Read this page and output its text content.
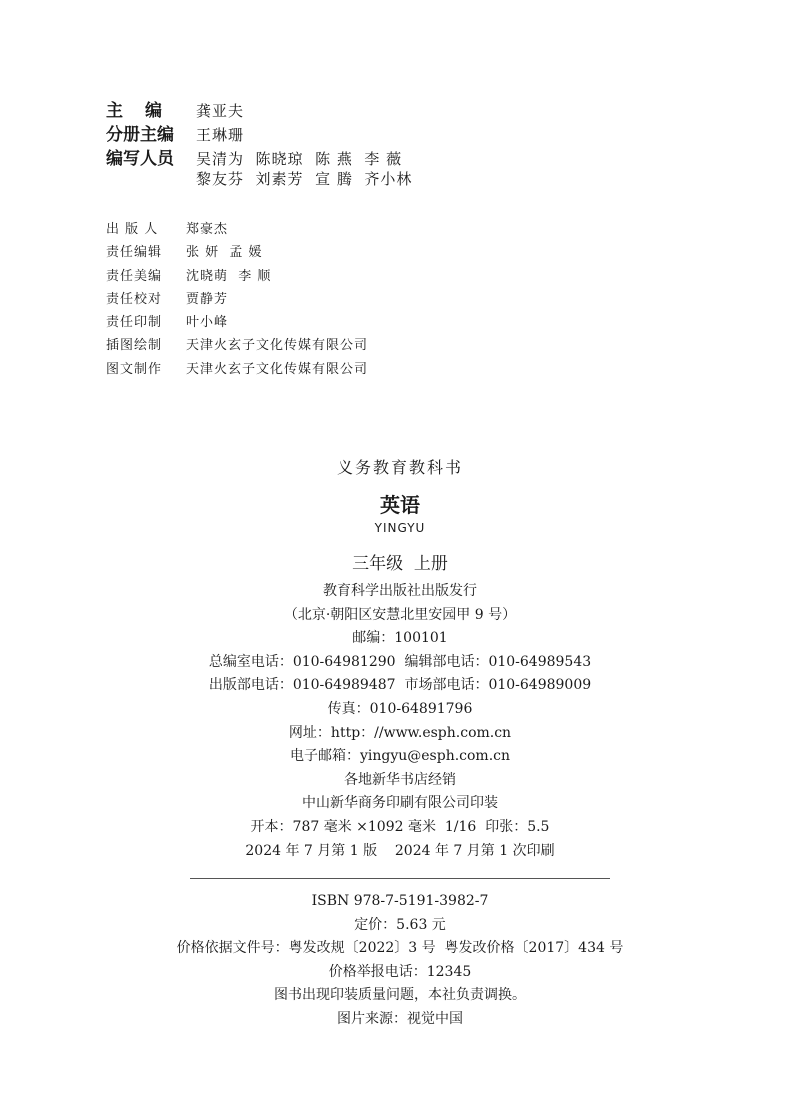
主编 龚亚夫
分册主编	王琳珊
编写人员	吴清为  陈晓琼  陈 燕  李 薇
黎友芬  刘素芳  宣 腾  齐小林
出 版 人	郑豪杰
责任编辑	张 妍  孟 媛
责任美编	沈晓萌  李 顺
责任校对	贾静芳
责任印制	叶小峰
插图绘制	天津火玄子文化传媒有限公司
图文制作	天津火玄子文化传媒有限公司
义务教育教科书
英语
YINGYU
三年级  上册
教育科学出版社出版发行
（北京·朝阳区安慧北里安园甲 9 号）
邮编：100101
总编室电话：010-64981290  编辑部电话：010-64989543
出版部电话：010-64989487  市场部电话：010-64989009
传真：010-64891796
网址：http：//www.esph.com.cn
电子邮箱：yingyu@esph.com.cn
各地新华书店经销
中山新华商务印刷有限公司印装
开本：787 毫米 ×1092 毫米  1/16  印张：5.5
2024 年 7 月第 1 版    2024 年 7 月第 1 次印刷
ISBN 978-7-5191-3982-7
定价：5.63 元
价格依据文件号：粤发改规〔2022〕3 号  粤发改价格〔2017〕434 号
价格举报电话：12345
图书出现印装质量问题，本社负责调换。
图片来源：视觉中国
